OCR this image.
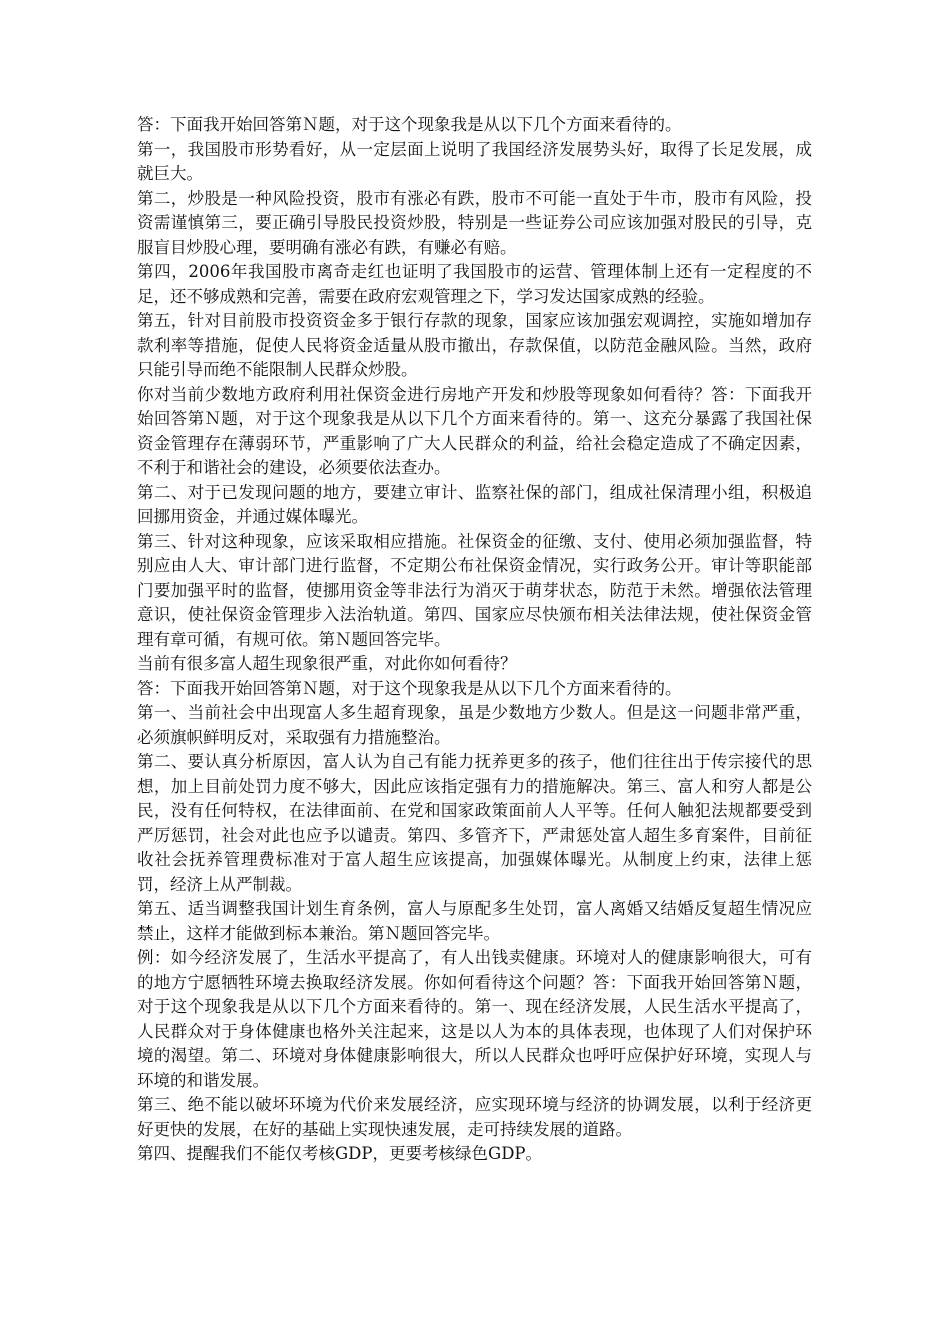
答：下面我开始回答第Ｎ题，对于这个现象我是从以下几个方面来看待的。

第一，我国股市形势看好，从一定层面上说明了我国经济发展势头好，取得了长足发展，成就巨大。

第二，炒股是一种风险投资，股市有涨必有跌，股市不可能一直处于牛市，股市有风险，投资需谨慎第三，要正确引导股民投资炒股，特别是一些证券公司应该加强对股民的引导，克服盲目炒股心理，要明确有涨必有跌，有赚必有赔。

第四，2006年我国股市离奇走红也证明了我国股市的运营、管理体制上还有一定程度的不足，还不够成熟和完善，需要在政府宏观管理之下，学习发达国家成熟的经验。

第五，针对目前股市投资资金多于银行存款的现象，国家应该加强宏观调控，实施如增加存款利率等措施，促使人民将资金适量从股市撤出，存款保值，以防范金融风险。当然，政府只能引导而绝不能限制人民群众炒股。

你对当前少数地方政府利用社保资金进行房地产开发和炒股等现象如何看待？答：下面我开始回答第Ｎ题，对于这个现象我是从以下几个方面来看待的。第一、这充分暴露了我国社保资金管理存在薄弱环节，严重影响了广大人民群众的利益，给社会稳定造成了不确定因素，不利于和谐社会的建设，必须要依法查办。

第二、对于已发现问题的地方，要建立审计、监察社保的部门，组成社保清理小组，积极追回挪用资金，并通过媒体曝光。

第三、针对这种现象，应该采取相应措施。社保资金的征缴、支付、使用必须加强监督，特别应由人大、审计部门进行监督，不定期公布社保资金情况，实行政务公开。审计等职能部门要加强平时的监督，使挪用资金等非法行为消灭于萌芽状态，防范于未然。增强依法管理意识，使社保资金管理步入法治轨道。第四、国家应尽快颁布相关法律法规，使社保资金管理有章可循，有规可依。第Ｎ题回答完毕。

当前有很多富人超生现象很严重，对此你如何看待？

答：下面我开始回答第Ｎ题，对于这个现象我是从以下几个方面来看待的。

第一、当前社会中出现富人多生超育现象，虽是少数地方少数人。但是这一问题非常严重，必须旗帜鲜明反对，采取强有力措施整治。

第二、要认真分析原因，富人认为自己有能力抚养更多的孩子，他们往往出于传宗接代的思想，加上目前处罚力度不够大，因此应该指定强有力的措施解决。第三、富人和穷人都是公民，没有任何特权，在法律面前、在党和国家政策面前人人平等。任何人触犯法规都要受到严厉惩罚，社会对此也应予以谴责。第四、多管齐下，严肃惩处富人超生多育案件，目前征收社会抚养管理费标准对于富人超生应该提高，加强媒体曝光。从制度上约束，法律上惩罚，经济上从严制裁。

第五、适当调整我国计划生育条例，富人与原配多生处罚，富人离婚又结婚反复超生情况应禁止，这样才能做到标本兼治。第Ｎ题回答完毕。

例：如今经济发展了，生活水平提高了，有人出钱卖健康。环境对人的健康影响很大，可有的地方宁愿牺牲环境去换取经济发展。你如何看待这个问题？答：下面我开始回答第Ｎ题，对于这个现象我是从以下几个方面来看待的。第一、现在经济发展，人民生活水平提高了，人民群众对于身体健康也格外关注起来，这是以人为本的具体表现，也体现了人们对保护环境的渴望。第二、环境对身体健康影响很大，所以人民群众也呼吁应保护好环境，实现人与环境的和谐发展。

第三、绝不能以破坏环境为代价来发展经济，应实现环境与经济的协调发展，以利于经济更好更快的发展，在好的基础上实现快速发展，走可持续发展的道路。

第四、提醒我们不能仅考核GDP，更要考核绿色GDP。
